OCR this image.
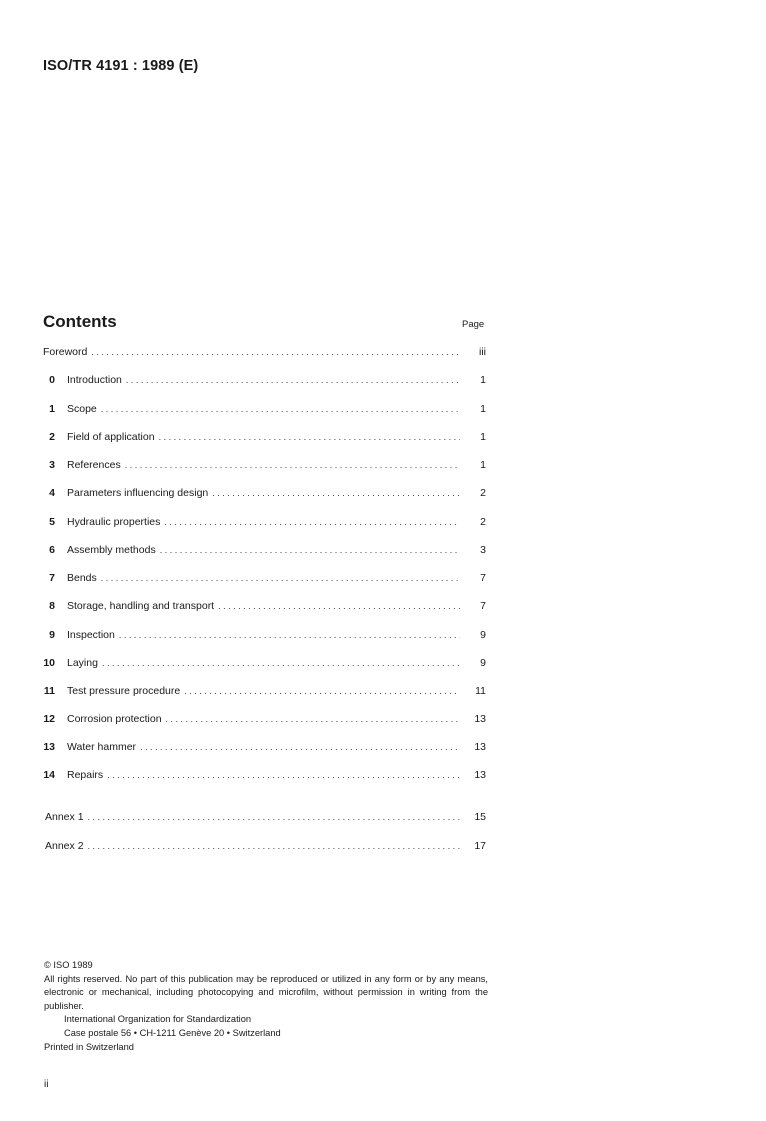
ISO/TR 4191 : 1989 (E)
Contents	Page
Foreword . . .	iii
0 Introduction . . .	1
1 Scope . . .	1
2 Field of application . . .	1
3 References . . .	1
4 Parameters influencing design . . .	2
5 Hydraulic properties . . .	2
6 Assembly methods . . .	3
7 Bends . . .	7
8 Storage, handling and transport . . .	7
9 Inspection . . .	9
10 Laying . . .	9
11 Test pressure procedure . . .	11
12 Corrosion protection . . .	13
13 Water hammer . . .	13
14 Repairs . . .	13
Annex 1 . . .	15
Annex 2 . . .	17

© ISO 1989

All rights reserved. No part of this publication may be reproduced or utilized in any form or by any means, electronic or mechanical, including photocopying and microfilm, without permission in writing from the publisher.

International Organization for Standardization

Case postale 56 • CH-1211 Genève 20 • Switzerland

Printed in Switzerland

ii
